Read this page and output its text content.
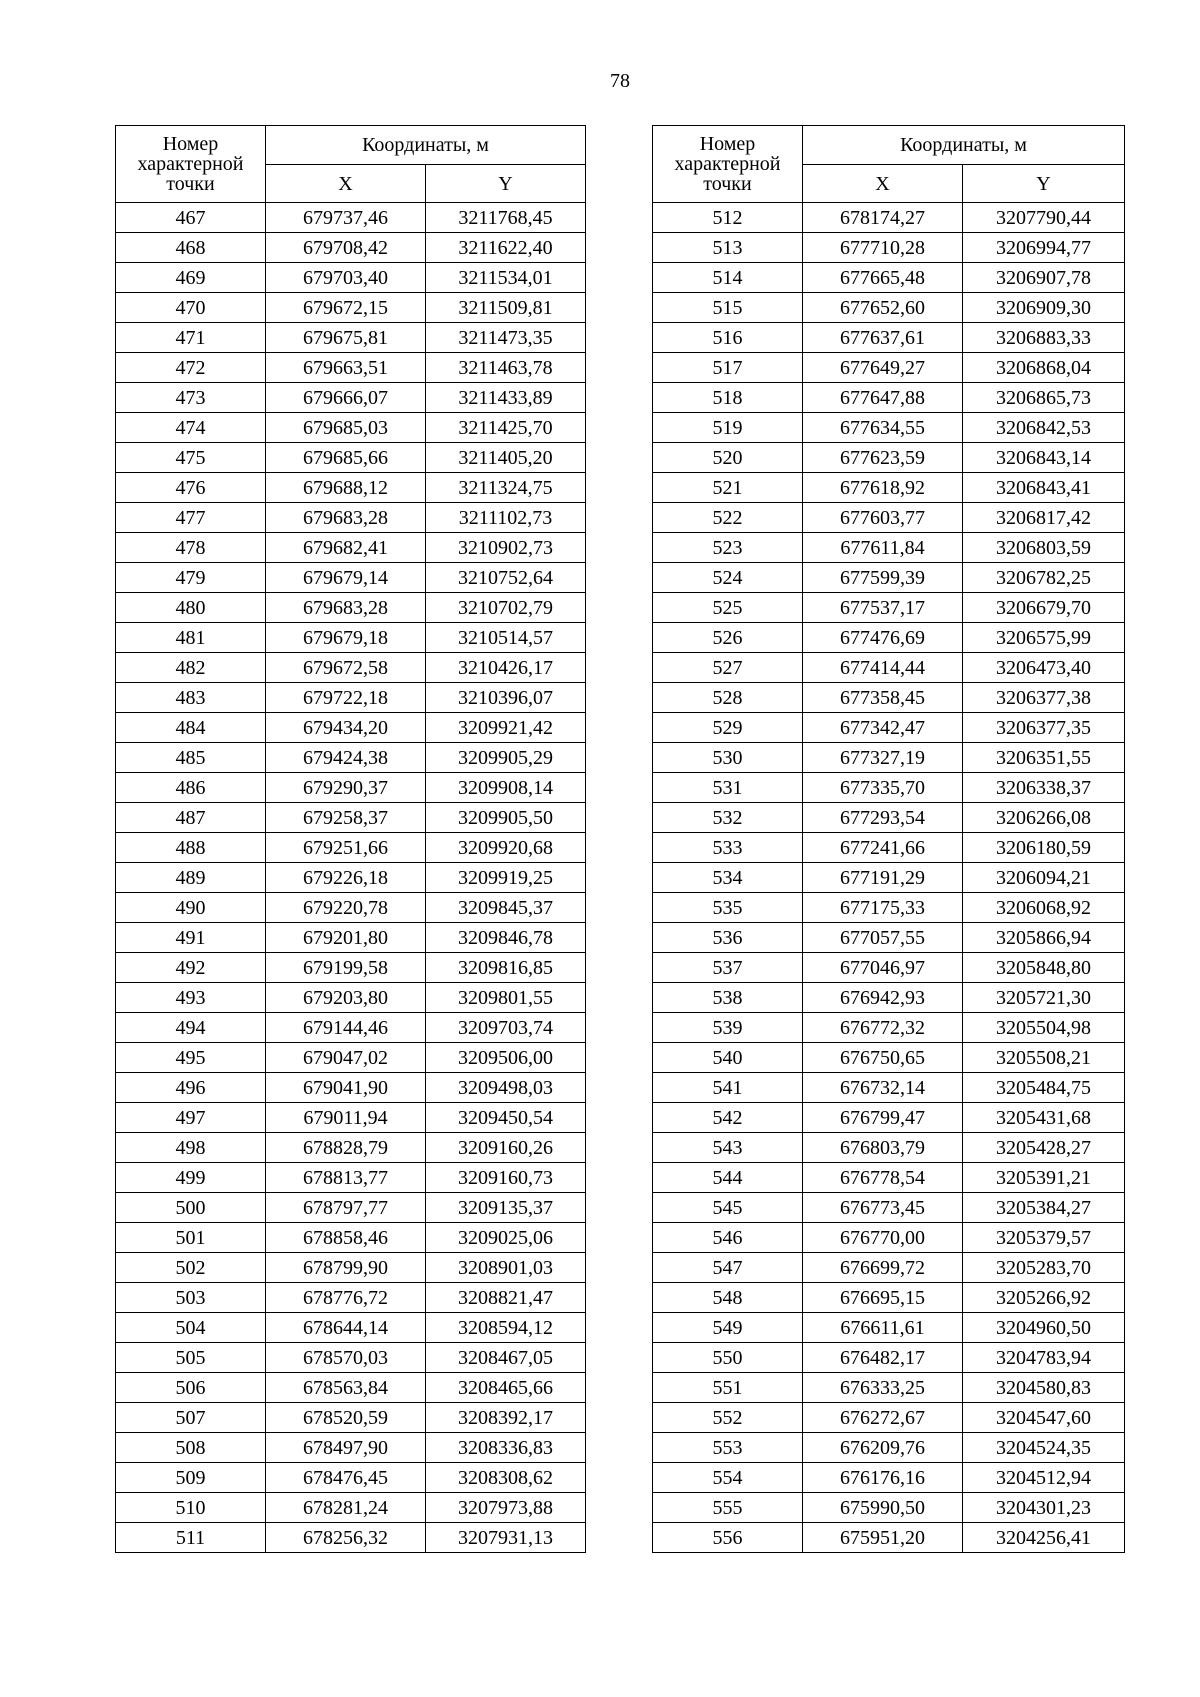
78
Номер характерной точки	Координаты, м	
	X	Y
467	679737,46	3211768,45
468	679708,42	3211622,40
469	679703,40	3211534,01
470	679672,15	3211509,81
471	679675,81	3211473,35
472	679663,51	3211463,78
473	679666,07	3211433,89
474	679685,03	3211425,70
475	679685,66	3211405,20
476	679688,12	3211324,75
477	679683,28	3211102,73
478	679682,41	3210902,73
479	679679,14	3210752,64
480	679683,28	3210702,79
481	679679,18	3210514,57
482	679672,58	3210426,17
483	679722,18	3210396,07
484	679434,20	3209921,42
485	679424,38	3209905,29
486	679290,37	3209908,14
487	679258,37	3209905,50
488	679251,66	3209920,68
489	679226,18	3209919,25
490	679220,78	3209845,37
491	679201,80	3209846,78
492	679199,58	3209816,85
493	679203,80	3209801,55
494	679144,46	3209703,74
495	679047,02	3209506,00
496	679041,90	3209498,03
497	679011,94	3209450,54
498	678828,79	3209160,26
499	678813,77	3209160,73
500	678797,77	3209135,37
501	678858,46	3209025,06
502	678799,90	3208901,03
503	678776,72	3208821,47
504	678644,14	3208594,12
505	678570,03	3208467,05
506	678563,84	3208465,66
507	678520,59	3208392,17
508	678497,90	3208336,83
509	678476,45	3208308,62
510	678281,24	3207973,88
511	678256,32	3207931,13
Номер характерной точки	Координаты, м	
	X	Y
512	678174,27	3207790,44
513	677710,28	3206994,77
514	677665,48	3206907,78
515	677652,60	3206909,30
516	677637,61	3206883,33
517	677649,27	3206868,04
518	677647,88	3206865,73
519	677634,55	3206842,53
520	677623,59	3206843,14
521	677618,92	3206843,41
522	677603,77	3206817,42
523	677611,84	3206803,59
524	677599,39	3206782,25
525	677537,17	3206679,70
526	677476,69	3206575,99
527	677414,44	3206473,40
528	677358,45	3206377,38
529	677342,47	3206377,35
530	677327,19	3206351,55
531	677335,70	3206338,37
532	677293,54	3206266,08
533	677241,66	3206180,59
534	677191,29	3206094,21
535	677175,33	3206068,92
536	677057,55	3205866,94
537	677046,97	3205848,80
538	676942,93	3205721,30
539	676772,32	3205504,98
540	676750,65	3205508,21
541	676732,14	3205484,75
542	676799,47	3205431,68
543	676803,79	3205428,27
544	676778,54	3205391,21
545	676773,45	3205384,27
546	676770,00	3205379,57
547	676699,72	3205283,70
548	676695,15	3205266,92
549	676611,61	3204960,50
550	676482,17	3204783,94
551	676333,25	3204580,83
552	676272,67	3204547,60
553	676209,76	3204524,35
554	676176,16	3204512,94
555	675990,50	3204301,23
556	675951,20	3204256,41
